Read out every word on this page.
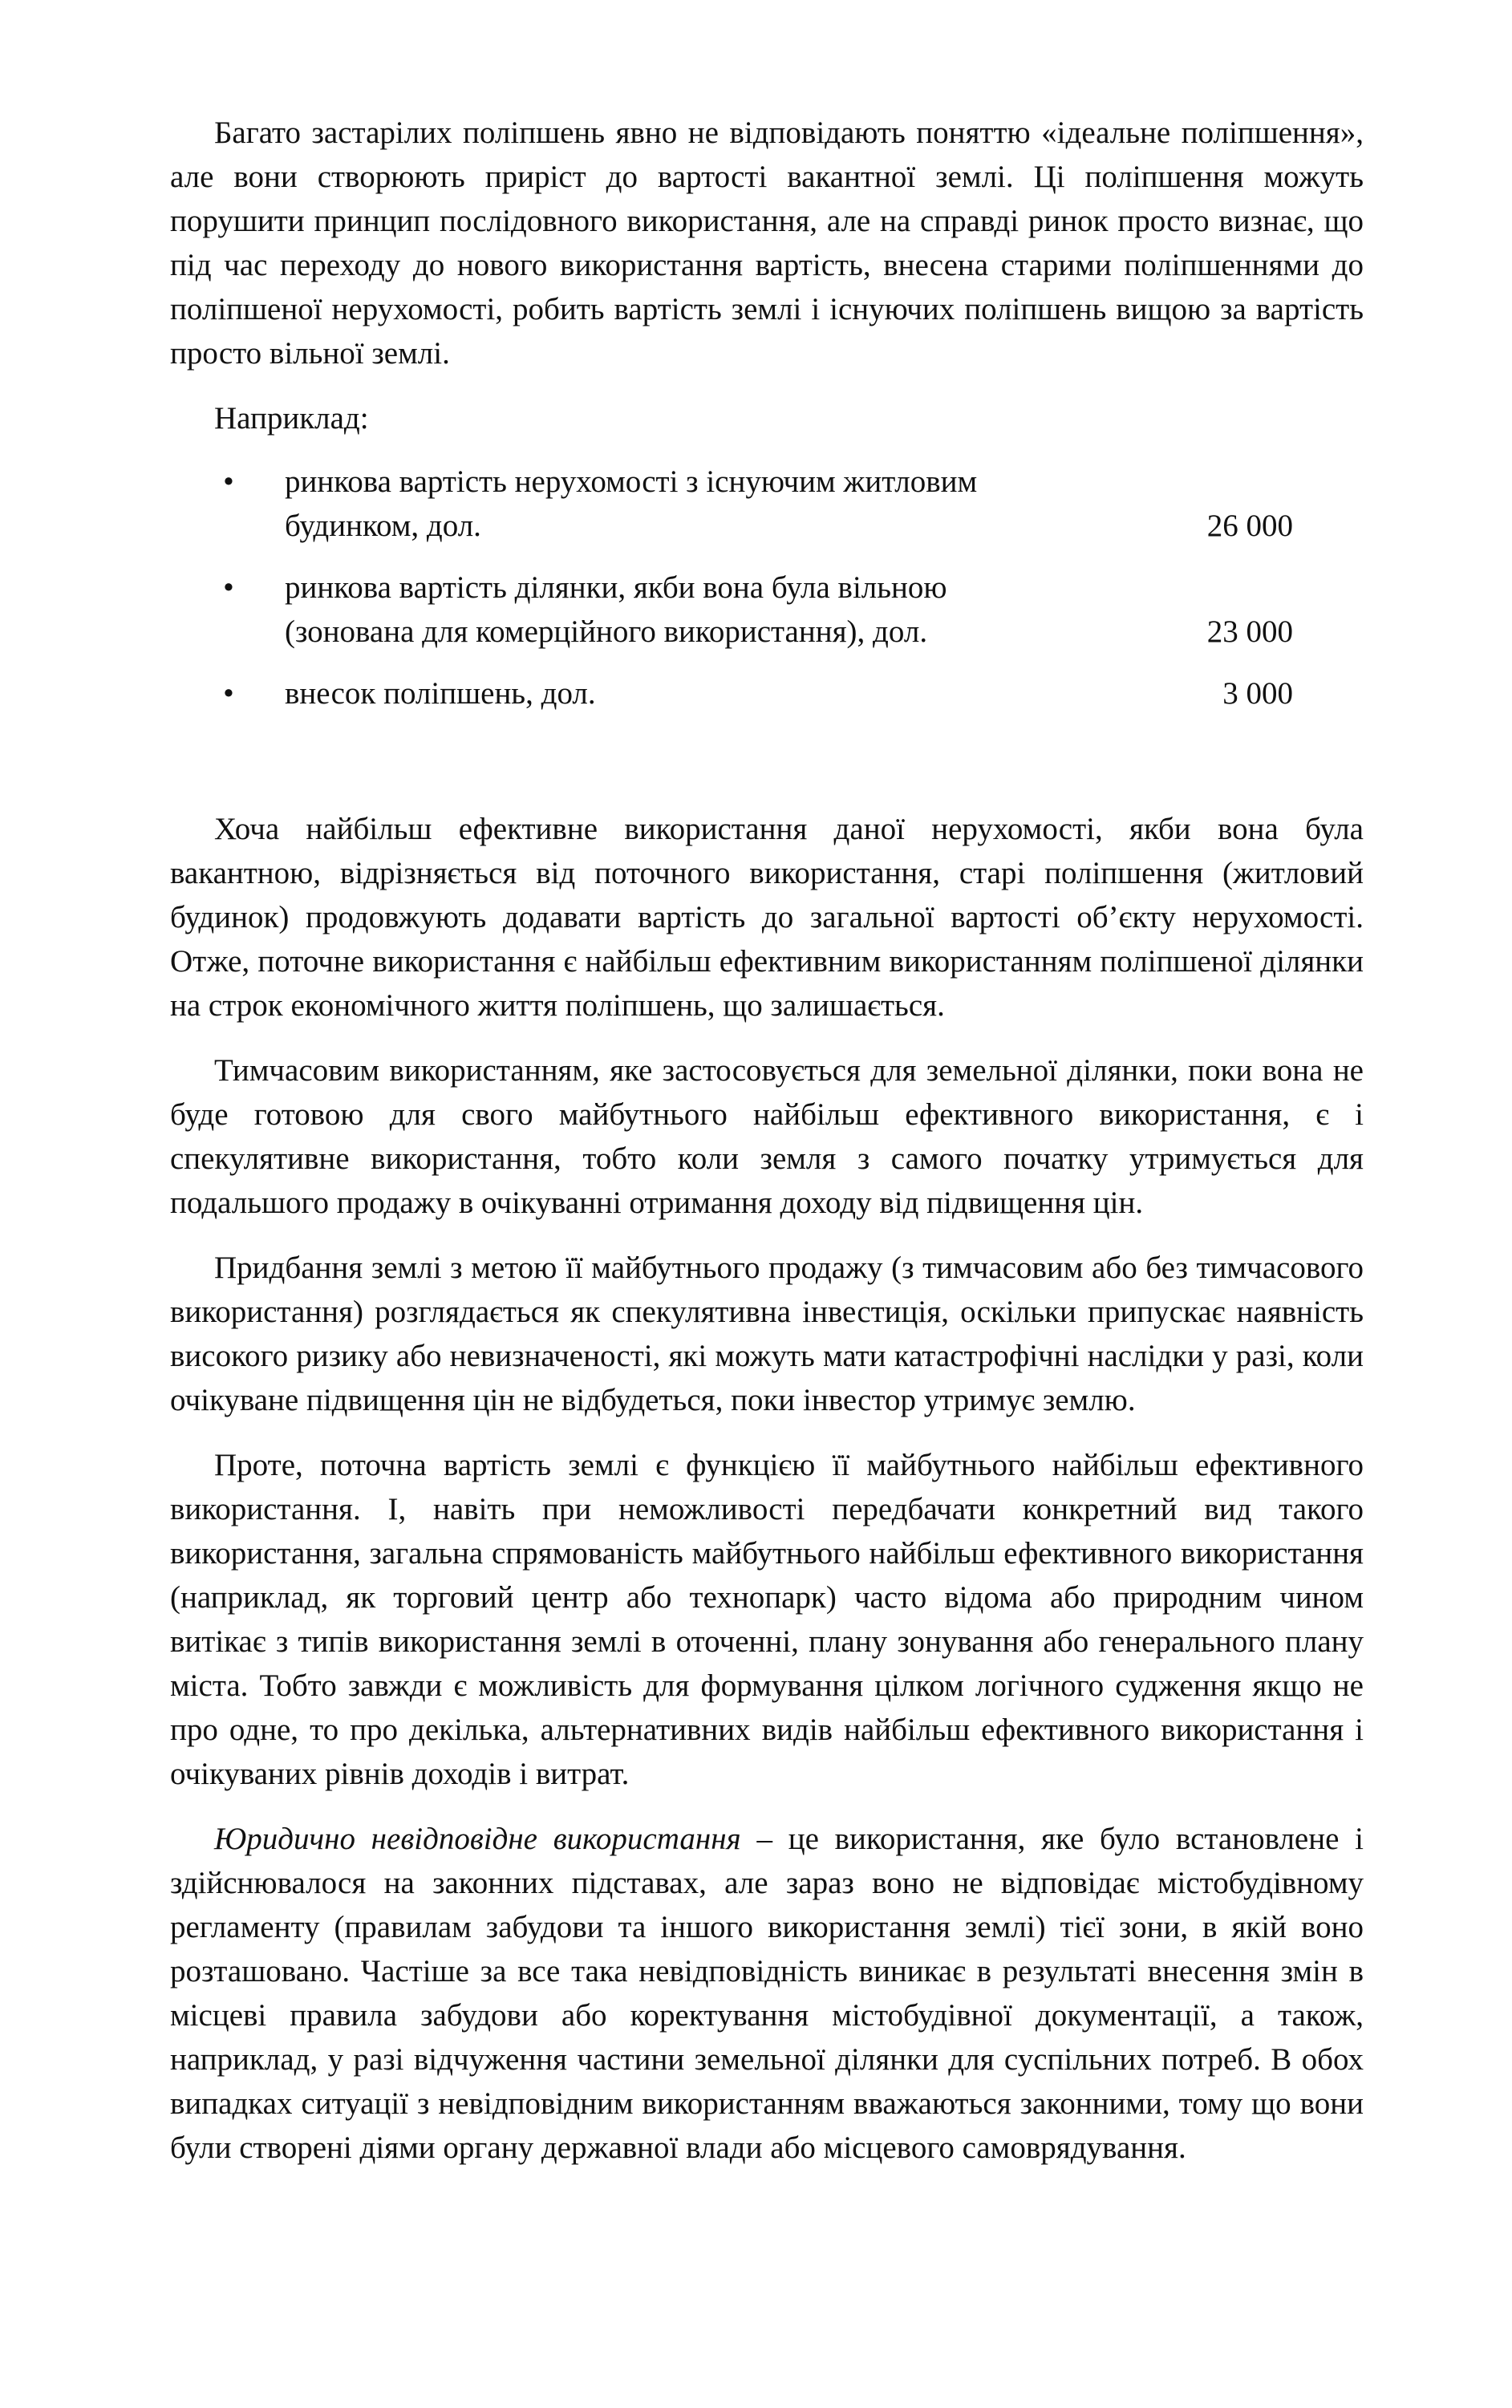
Багато застарілих поліпшень явно не відповідають поняттю «ідеальне поліпшення», але вони створюють приріст до вартості вакантної землі. Ці поліпшення можуть порушити принцип послідовного використання, але на справді ринок просто визнає, що під час переходу до нового використання вартість, внесена старими поліпшеннями до поліпшеної нерухомості, робить вартість землі і існуючих поліпшень вищою за вартість просто вільної землі.

Наприклад:

• ринкова вартість нерухомості з існуючим житловим будинком, дол.	26 000
• ринкова вартість ділянки, якби вона була вільною (зонована для комерційного використання), дол.	23 000
• внесок поліпшень, дол.	3 000

Хоча найбільш ефективне використання даної нерухомості, якби вона була вакантною, відрізняється від поточного використання, старі поліпшення (житловий будинок) продовжують додавати вартість до загальної вартості об’єкту нерухомості. Отже, поточне використання є найбільш ефективним використанням поліпшеної ділянки на строк економічного життя поліпшень, що залишається.

Тимчасовим використанням, яке застосовується для земельної ділянки, поки вона не буде готовою для свого майбутнього найбільш ефективного використання, є і спекулятивне використання, тобто коли земля з самого початку утримується для подальшого продажу в очікуванні отримання доходу від підвищення цін.

Придбання землі з метою її майбутнього продажу (з тимчасовим або без тимчасового використання) розглядається як спекулятивна інвестиція, оскільки припускає наявність високого ризику або невизначеності, які можуть мати катастрофічні наслідки у разі, коли очікуване підвищення цін не відбудеться, поки інвестор утримує землю.

Проте, поточна вартість землі є функцією її майбутнього найбільш ефективного використання. І, навіть при неможливості передбачати конкретний вид такого використання, загальна спрямованість майбутнього найбільш ефективного використання (наприклад, як торговий центр або технопарк) часто відома або природним чином витікає з типів використання землі в оточенні, плану зонування або генерального плану міста. Тобто завжди є можливість для формування цілком логічного судження якщо не про одне, то про декілька, альтернативних видів найбільш ефективного використання і очікуваних рівнів доходів і витрат.

Юридично невідповідне використання – це використання, яке було встановлене і здійснювалося на законних підставах, але зараз воно не відповідає містобудівному регламенту (правилам забудови та іншого використання землі) тієї зони, в якій воно розташовано. Частіше за все така невідповідність виникає в результаті внесення змін в місцеві правила забудови або коректування містобудівної документації, а також, наприклад, у разі відчуження частини земельної ділянки для суспільних потреб. В обох випадках ситуації з невідповідним використанням вважаються законними, тому що вони були створені діями органу державної влади або місцевого самоврядування.
